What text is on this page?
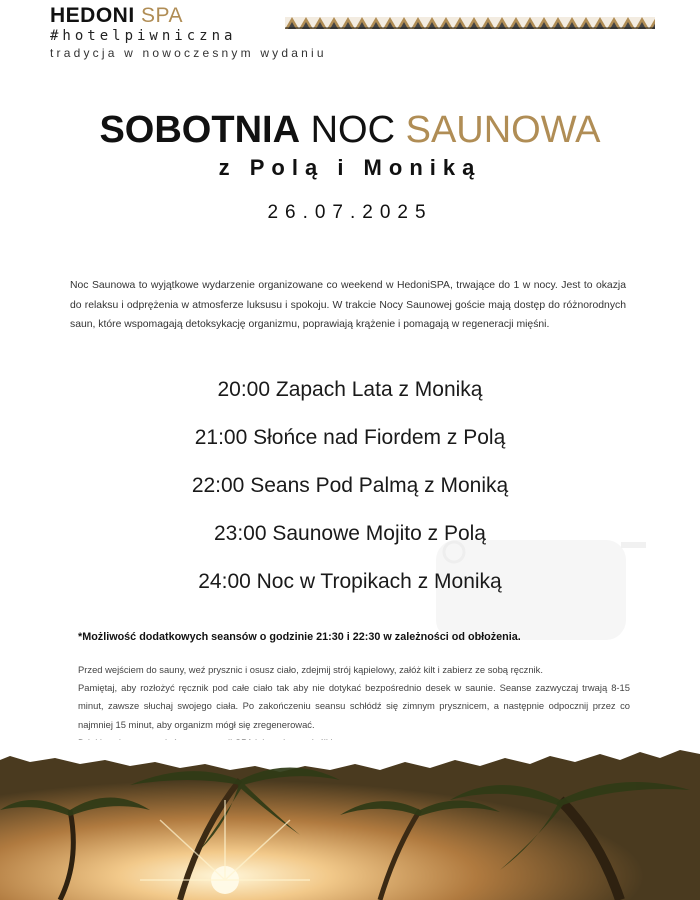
HEDONI SPA
#hotelpiwniczna
tradycja w nowoczesnym wydaniu
SOBOTNIA NOC SAUNOWA
z Polą i Moniką
26.07.2025
Noc Saunowa to wyjątkowe wydarzenie organizowane co weekend w HedoniSPA, trwające do 1 w nocy. Jest to okazja do relaksu i odprężenia w atmosferze luksusu i spokoju. W trakcie Nocy Saunowej goście mają dostęp do różnorodnych saun, które wspomagają detoksykację organizmu, poprawiają krążenie i pomagają w regeneracji mięśni.
20:00 Zapach Lata z Moniką
21:00 Słońce nad Fiordem z Polą
22:00 Seans Pod Palmą z Moniką
23:00 Saunowe Mojito z Polą
24:00 Noc w Tropikach z Moniką
*Możliwość dodatkowych seansów o godzinie 21:30 i 22:30 w zależności od obłożenia.
Przed wejściem do sauny, weź prysznic i osusz ciało, zdejmij strój kąpielowy, załóż kilt i zabierz ze sobą ręcznik.
Pamiętaj, aby rozłożyć ręcznik pod całe ciało tak aby nie dotykać bezpośrednio desek w saunie. Seanse zazwyczaj trwają 8-15 minut, zawsze słuchaj swojego ciała. Po zakończeniu seansu schłódź się zimnym prysznicem, a następnie odpocznij przez co najmniej 15 minut, aby organizm mógł się zregenerować.
